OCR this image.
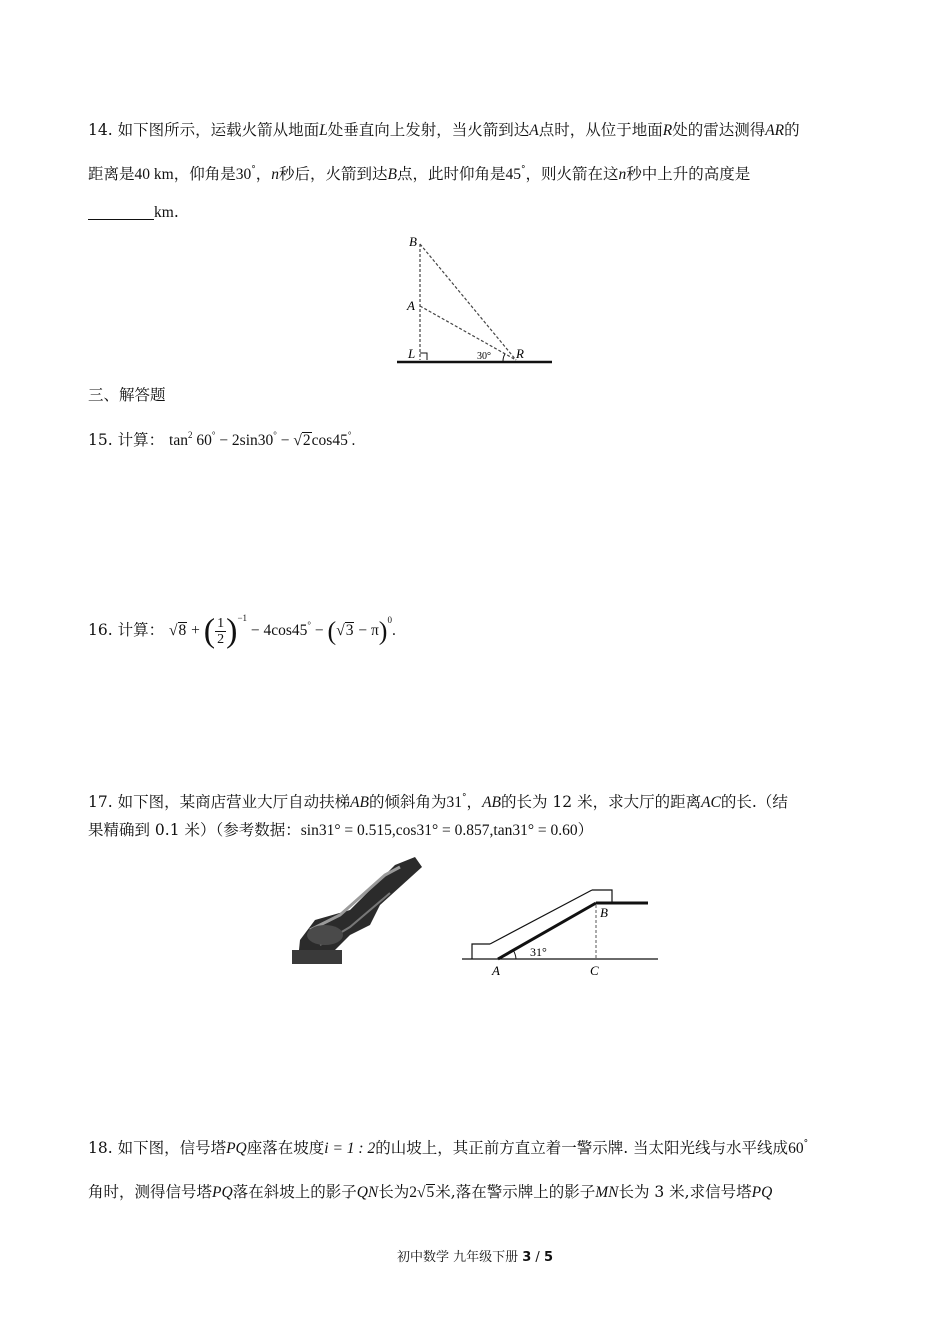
14. 如下图所示，运载火箭从地面L处垂直向上发射，当火箭到达A点时，从位于地面R处的雷达测得AR的
距离是40 km，仰角是30°，n秒后，火箭到达B点，此时仰角是45°，则火箭在这n秒中上升的高度是
km.
B
A
L	R
30°
三、解答题
15. 计算： $\tan^2 60^\circ - 2\sin 30^\circ - √2\cos 45^\circ$.
16. 计算： √8 + ( $\frac{1}{2} )^{-1} - 4\cos 45^\circ - (√3 - \pi)^0$.
17. 如下图，某商店营业大厅自动扶梯AB的倾斜角为31°，AB的长为 12 米，求大厅的距离AC的长.（结
果精确到 0.1 米）（参考数据：sin31° = 0.515,cos31° = 0.857,tan31° = 0.60）
A
B
C
31°
18. 如下图，信号塔PQ座落在坡度i = 1 : 2的山坡上，其正前方直立着一警示牌. 当太阳光线与水平线成60°
角时，测得信号塔PQ落在斜坡上的影子QN长为2√5米,落在警示牌上的影子MN长为 3 米,求信号塔PQ
初中数学 九年级下册 3 / 5
